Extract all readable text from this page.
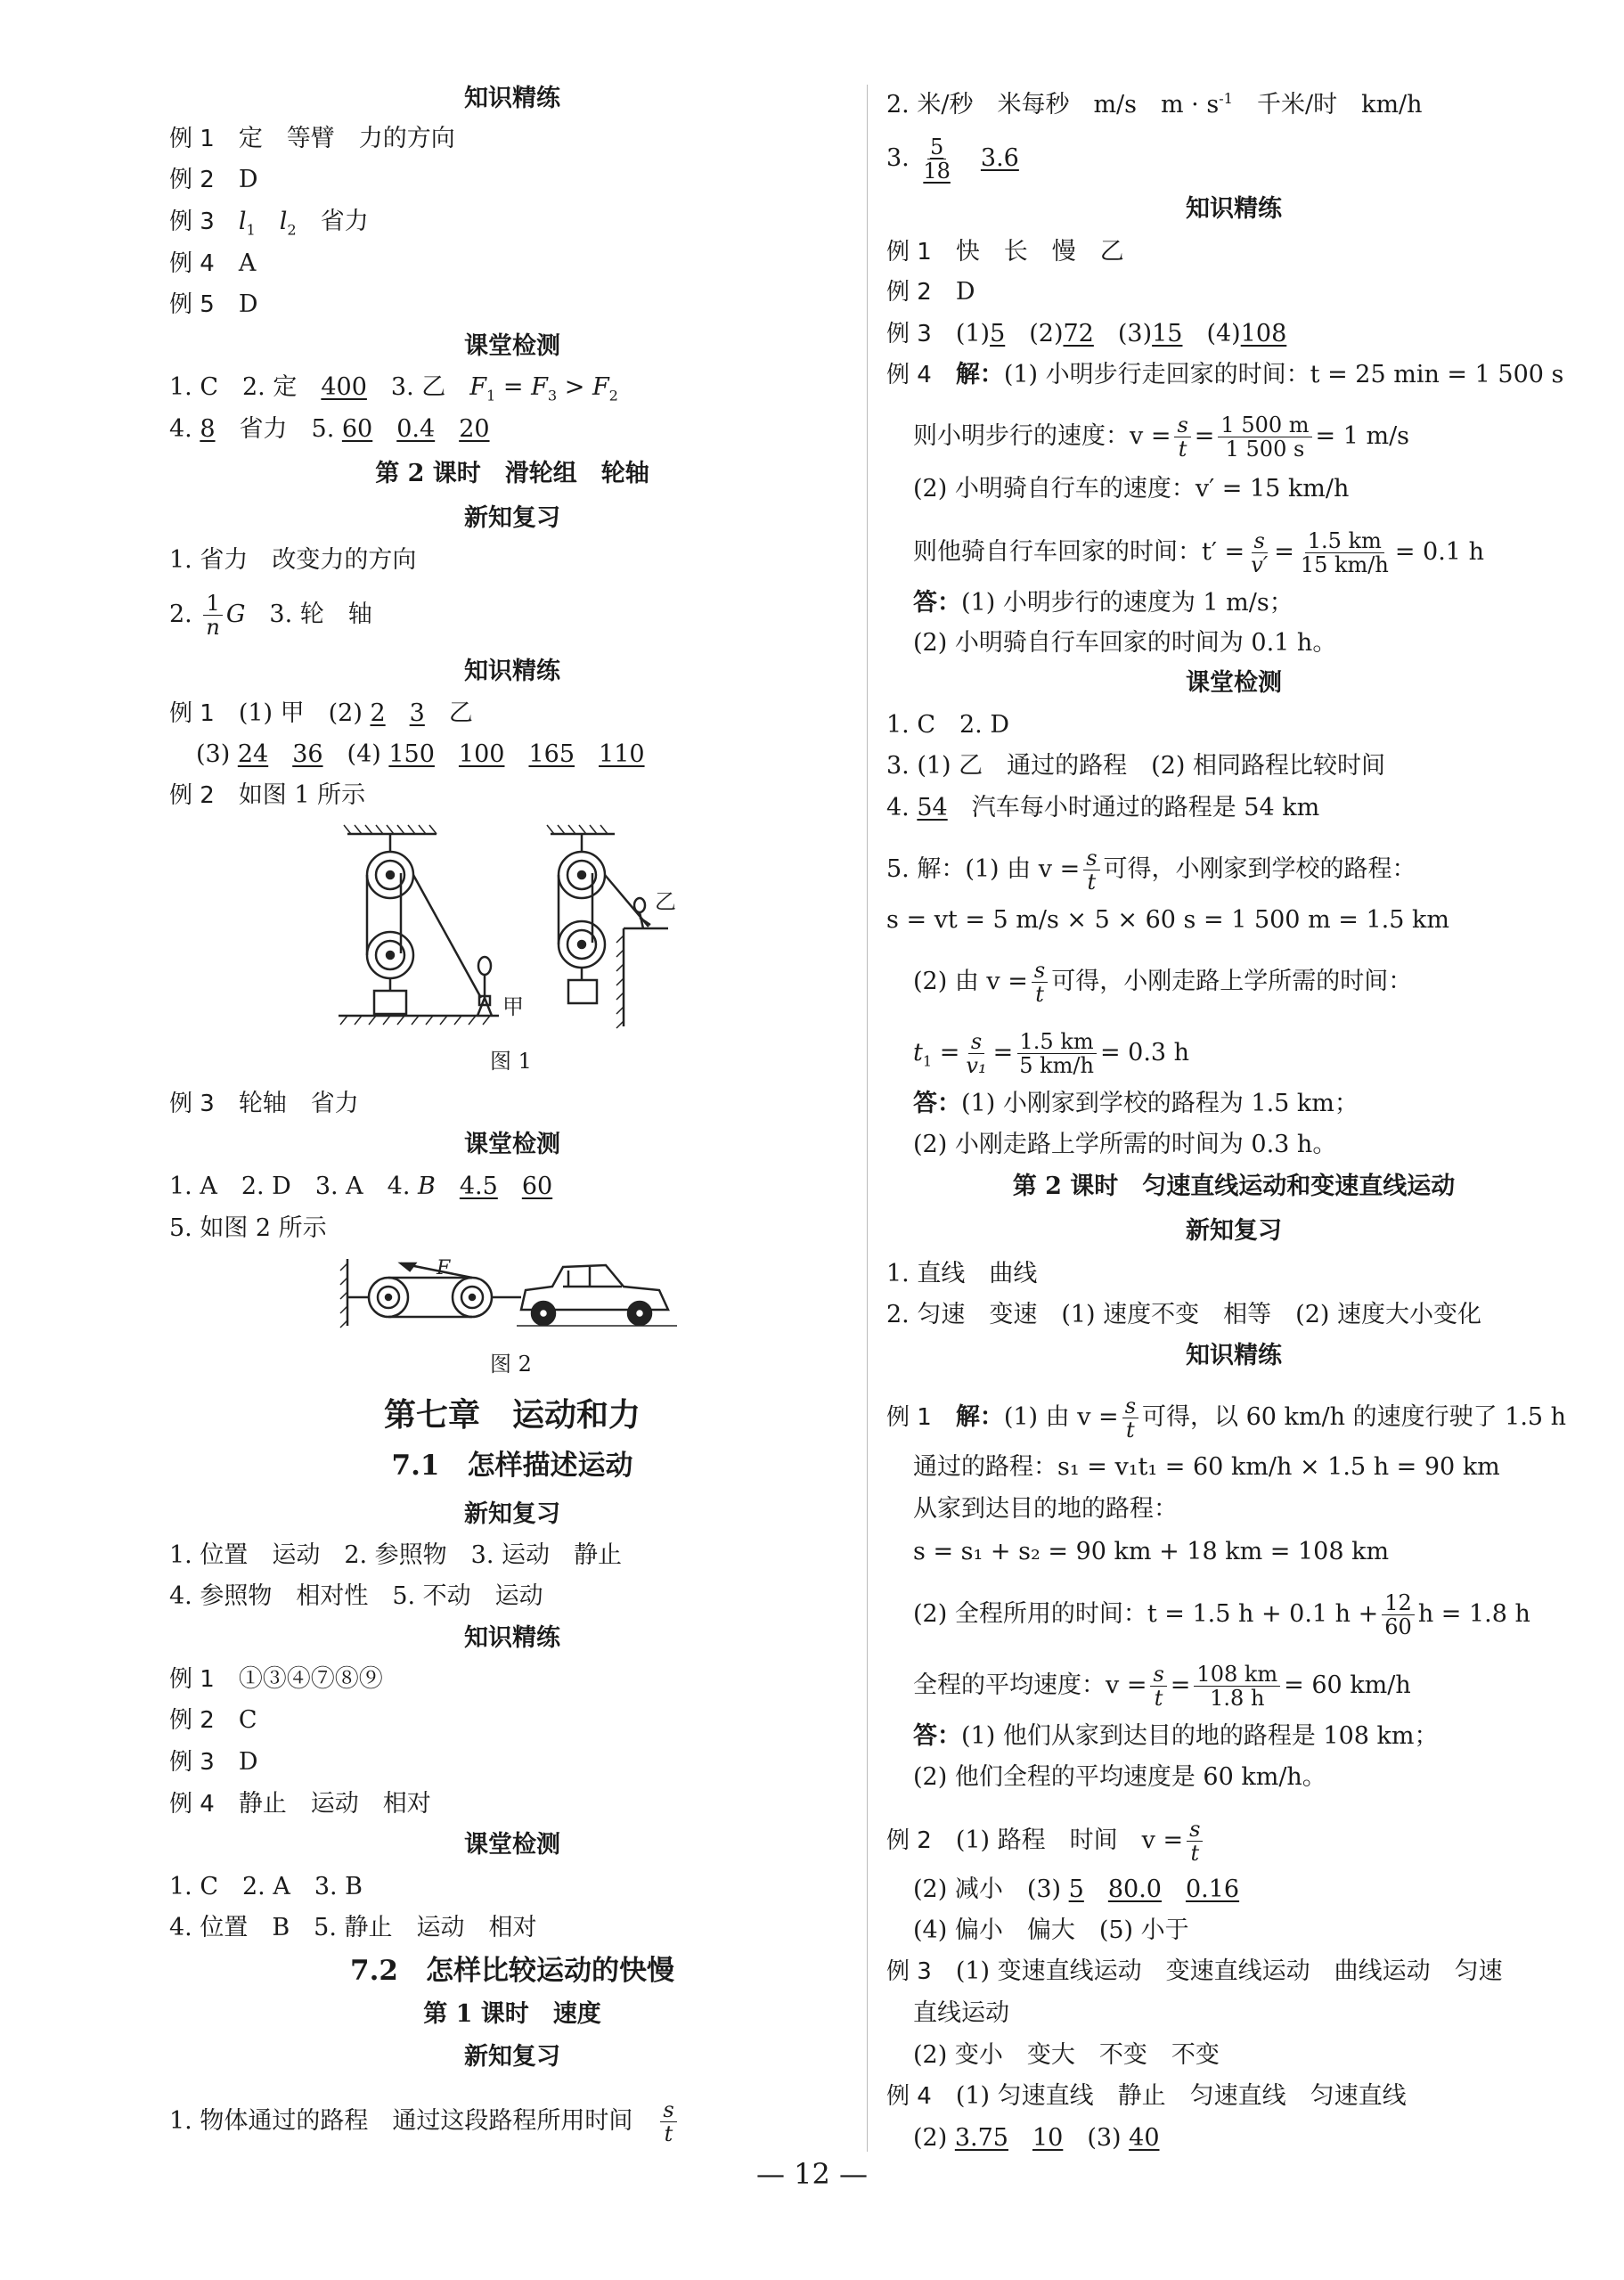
知识精练
例 1　 定　等臂　力的方向
例 2　 D
例 3　 $l_1$　 $l_2$　 省力
例 4　 A
例 5　 D
课堂检测
1. C　2. 定　400　3. 乙　$F_1 = F_3 > F_2$
4. 8　省力　5. 60　 0.4　 20
第 2 课时　滑轮组　轮轴
新知复习
1. 省力　改变力的方向
2. $\frac{1}{n}$ G　3. 轮　轴
知识精练
例 1　 (1) 甲　(2) 2　 3　 乙
(3) 24　 36　 (4) 150　 100　 165　 110
例 2　 如图 1 所示
甲
乙
图 1
例 3　 轮轴　省力
课堂检测
1. A　2. D　3. A　4. B　 4.5　 60
5. 如图 2 所示
F
图 2
第七章　运动和力
7.1　怎样描述运动
新知复习
1. 位置　运动　2. 参照物　3. 运动　静止
4. 参照物　相对性　5. 不动　运动
知识精练
例 1　 ①③④⑦⑧⑨
例 2　 C
例 3　 D
例 4　 静止　运动　相对
课堂检测
1. C　2. A　3. B
4. 位置　B　5. 静止　运动　相对
7.2　怎样比较运动的快慢
第 1 课时　速度
新知复习
1. 物体通过的路程　通过这段路程所用时间　 $\frac{s}{t}$
2. 米/秒　米每秒　m/s　$m \cdot s^{-1}$　千米/时　km/h
3. $\frac{5}{18}$
　 3.6
知识精练
例 1　 快　长　慢　乙
例 2　 D
例 3　 (1)5　 (2)72　 (3)15　 (4)108
例 4　 解：(1) 小明步行走回家的时间：t = 25 min = 1 500 s
则小明步行的速度：$v = \frac{s}{t} = \frac{1 500 m}{1 500 s} = 1$ m/s
(2) 小明骑自行车的速度：v′ = 15 km/h
则他骑自行车回家的时间：$t' = \frac{s}{v'} = \frac{1.5 km}{15 km/h} = 0.1$ h
答：(1) 小明步行的速度为 1 m/s；
(2) 小明骑自行车回家的时间为 0.1 h。
课堂检测
1. C　2. D
3. (1) 乙　通过的路程　(2) 相同路程比较时间
4. 54　汽车每小时通过的路程是 54 km
5. 解：(1) 由 $v = \frac{s}{t}$ 可得，小刚家到学校的路程：
s = vt = 5 m/s × 5 × 60 s = 1 500 m = 1.5 km
(2) 由 $v = \frac{s}{t}$ 可得，小刚走路上学所需的时间：
$t_1 = \frac{s}{\text{v₁}} = \frac{1.5 km}{5 km/h} = 0.3$ h
答：(1) 小刚家到学校的路程为 1.5 km；
(2) 小刚走路上学所需的时间为 0.3 h。
第 2 课时　匀速直线运动和变速直线运动
新知复习
1. 直线　曲线
2. 匀速　变速　(1) 速度不变　相等　(2) 速度大小变化
知识精练
例 1　 解：(1) 由 $v = \frac{s}{t}$ 可得，以 60 km/h 的速度行驶了 1.5 h
通过的路程：s₁ = v₁t₁ = 60 km/h × 1.5 h = 90 km
从家到达目的地的路程：
s = s₁ + s₂ = 90 km + 18 km = 108 km
(2) 全程所用的时间：t = 1.5 h + 0.1 $h + \frac{12}{60}$ h = 1.8 h
全程的平均速度：$v = \frac{s}{t} = \frac{108 km}{1.8 h} = 60$ km/h
答：(1) 他们从家到达目的地的路程是 108 km；
(2) 他们全程的平均速度是 60 km/h。
例 2　 (1) 路程　时间　$v = \frac{s}{t}$
(2) 减小　(3) 5　 80.0　 0.16
(4) 偏小　偏大　(5) 小于
例 3　 (1) 变速直线运动　变速直线运动　曲线运动　匀速
直线运动
(2) 变小　变大　不变　不变
例 4　 (1) 匀速直线　静止　匀速直线　匀速直线
(2) 3.75　 10　 (3) 40
— 12 —
